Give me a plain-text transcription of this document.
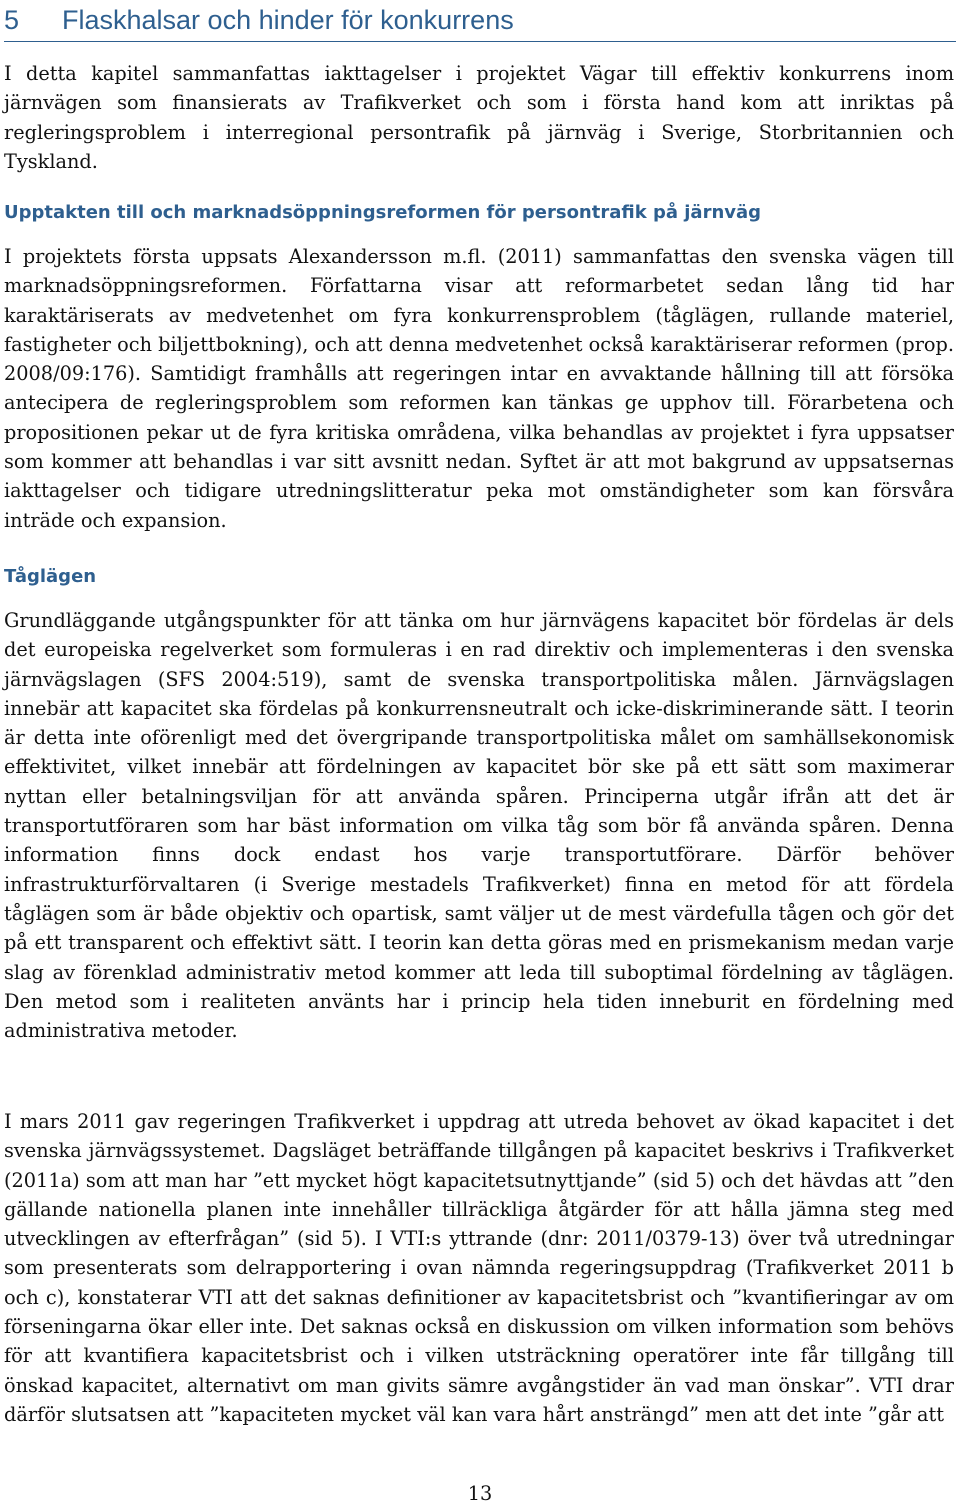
5 Flaskhalsar och hinder för konkurrens

I detta kapitel sammanfattas iakttagelser i projektet Vägar till effektiv konkurrens inom järnvägen som finansierats av Trafikverket och som i första hand kom att inriktas på regleringsproblem i interregional persontrafik på järnväg i Sverige, Storbritannien och Tyskland.

Upptakten till och marknadsöppningsreformen för persontrafik på järnväg

I projektets första uppsats Alexandersson m.fl. (2011) sammanfattas den svenska vägen till marknadsöppningsreformen. Författarna visar att reformarbetet sedan lång tid har karaktäriserats av medvetenhet om fyra konkurrensproblem (tåglägen, rullande materiel, fastigheter och biljettbokning), och att denna medvetenhet också karaktäriserar reformen (prop. 2008/09:176). Samtidigt framhålls att regeringen intar en avvaktande hållning till att försöka antecipera de regleringsproblem som reformen kan tänkas ge upphov till. Förarbetena och propositionen pekar ut de fyra kritiska områdena, vilka behandlas av projektet i fyra uppsatser som kommer att behandlas i var sitt avsnitt nedan. Syftet är att mot bakgrund av uppsatsernas iakttagelser och tidigare utredningslitteratur peka mot omständigheter som kan försvåra inträde och expansion.

Tåglägen

Grundläggande utgångspunkter för att tänka om hur järnvägens kapacitet bör fördelas är dels det europeiska regelverket som formuleras i en rad direktiv och implementeras i den svenska järnvägslagen (SFS 2004:519), samt de svenska transportpolitiska målen. Järnvägslagen innebär att kapacitet ska fördelas på konkurrensneutralt och icke-diskriminerande sätt. I teorin är detta inte oförenligt med det övergripande transportpolitiska målet om samhällsekonomisk effektivitet, vilket innebär att fördelningen av kapacitet bör ske på ett sätt som maximerar nyttan eller betalningsviljan för att använda spåren. Principerna utgår ifrån att det är transportutföraren som har bäst information om vilka tåg som bör få använda spåren. Denna information finns dock endast hos varje transportutförare. Därför behöver infrastrukturförvaltaren (i Sverige mestadels Trafikverket) finna en metod för att fördela tåglägen som är både objektiv och opartisk, samt väljer ut de mest värdefulla tågen och gör det på ett transparent och effektivt sätt. I teorin kan detta göras med en prismekanism medan varje slag av förenklad administrativ metod kommer att leda till suboptimal fördelning av tåglägen. Den metod som i realiteten använts har i princip hela tiden inneburit en fördelning med administrativa metoder.

I mars 2011 gav regeringen Trafikverket i uppdrag att utreda behovet av ökad kapacitet i det svenska järnvägssystemet. Dagsläget beträffande tillgången på kapacitet beskrivs i Trafikverket (2011a) som att man har ”ett mycket högt kapacitetsutnyttjande” (sid 5) och det hävdas att ”den gällande nationella planen inte innehåller tillräckliga åtgärder för att hålla jämna steg med utvecklingen av efterfrågan” (sid 5). I VTI:s yttrande (dnr: 2011/0379-13) över två utredningar som presenterats som delrapportering i ovan nämnda regeringsuppdrag (Trafikverket 2011 b och c), konstaterar VTI att det saknas definitioner av kapacitetsbrist och ”kvantifieringar av om förseningarna ökar eller inte. Det saknas också en diskussion om vilken information som behövs för att kvantifiera kapacitetsbrist och i vilken utsträckning operatörer inte får tillgång till önskad kapacitet, alternativt om man givits sämre avgångstider än vad man önskar”. VTI drar därför slutsatsen att ”kapaciteten mycket väl kan vara hårt ansträngd” men att det inte ”går att

13
